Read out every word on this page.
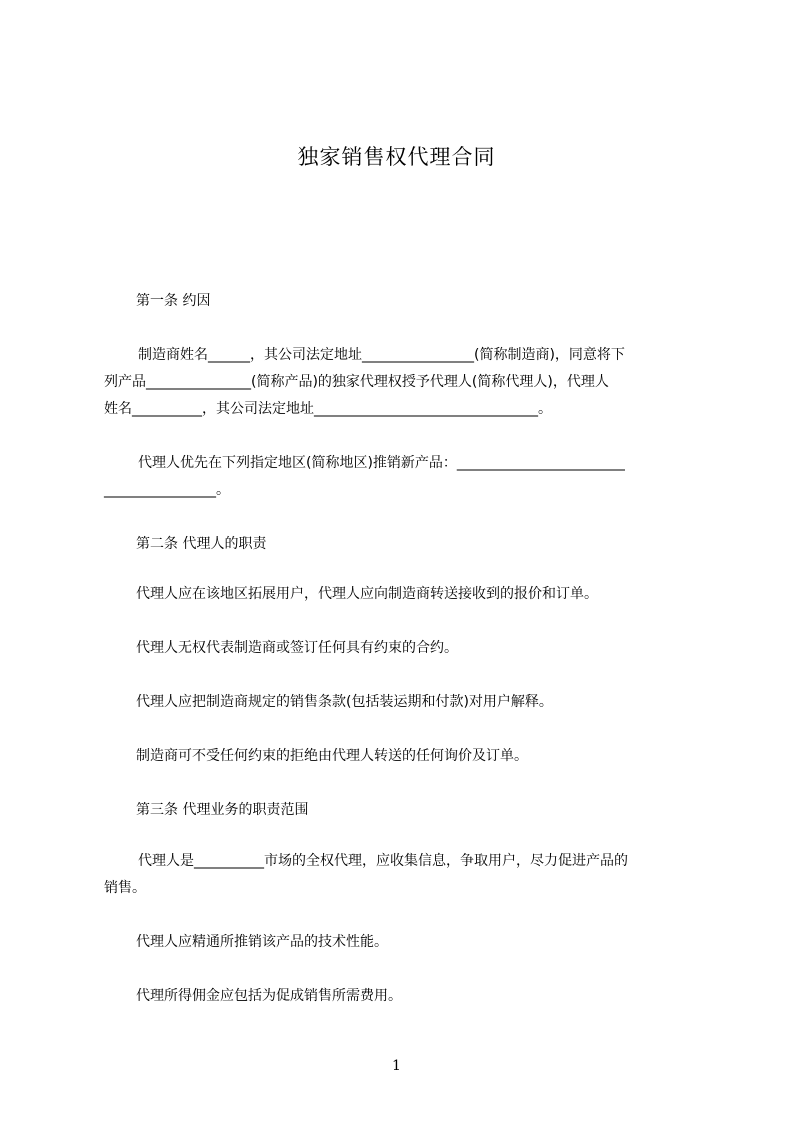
独家销售权代理合同
第一条 约因
制造商姓名______，其公司法定地址________________(简称制造商)，同意将下
列产品_______________(简称产品)的独家代理权授予代理人(简称代理人)，代理人
姓名__________，其公司法定地址________________________________。
代理人优先在下列指定地区(简称地区)推销新产品：________________________
________________。
第二条 代理人的职责
代理人应在该地区拓展用户，代理人应向制造商转送接收到的报价和订单。
代理人无权代表制造商或签订任何具有约束的合约。
代理人应把制造商规定的销售条款(包括装运期和付款)对用户解释。
制造商可不受任何约束的拒绝由代理人转送的任何询价及订单。
第三条 代理业务的职责范围
代理人是__________市场的全权代理，应收集信息，争取用户，尽力促进产品的
销售。
代理人应精通所推销该产品的技术性能。
代理所得佣金应包括为促成销售所需费用。
1
